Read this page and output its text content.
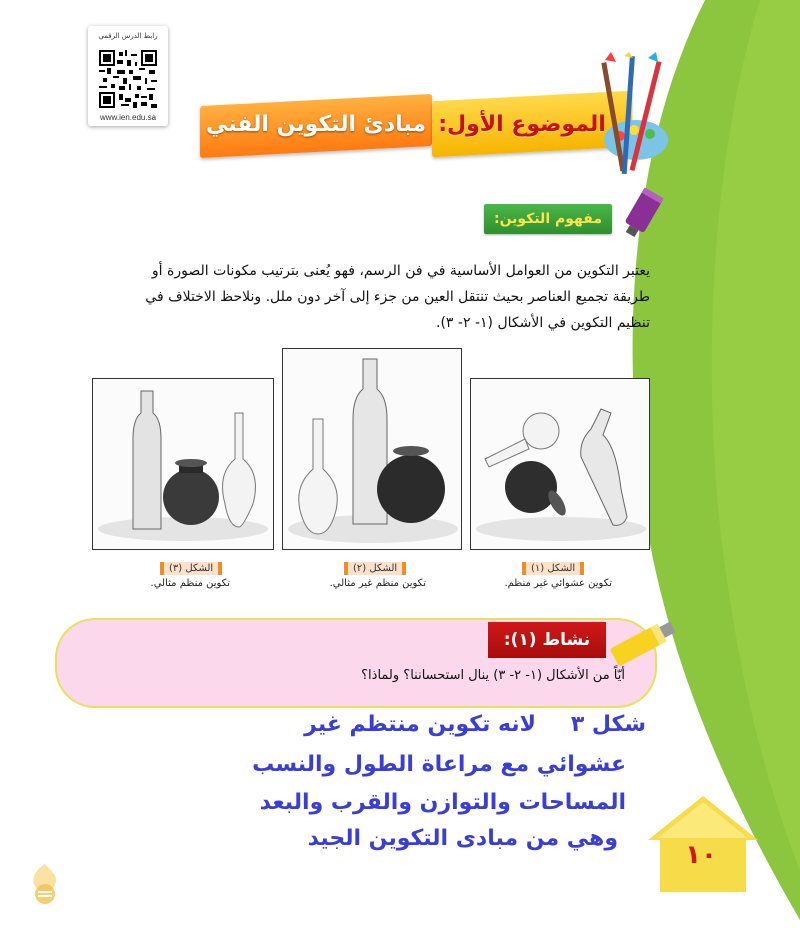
رابط الدرس الرقمي
www.ien.edu.sa	مبادئ التكوين الفني الموضوع الأول:
مفهوم التكوين:
يعتبر التكوين من العوامل الأساسية في فن الرسم، فهو يُعنى بترتيب مكونات الصورة أو
طريقة تجميع العناصر بحيث تنتقل العين من جزء إلى آخر دون ملل. ونلاحظ الاختلاف في
تنظيم التكوين في الأشكال (١- ٢- ٣).
الشكل (٣)
تكوين منظم مثالي.
الشكل (٢)
تكوين منظم غير مثالي.
الشكل (١)
تكوين عشوائي غير منظم.
نشاط (١):
أيّاً من الأشكال (١- ٢- ٣) ينال استحساننا؟ ولماذا؟
شكل ٣
لانه تكوين منتظم غير
عشوائي مع مراعاة الطول والنسب
المساحات والتوازن والقرب والبعد
وهي من مبادى التكوين الجيد
١٠
